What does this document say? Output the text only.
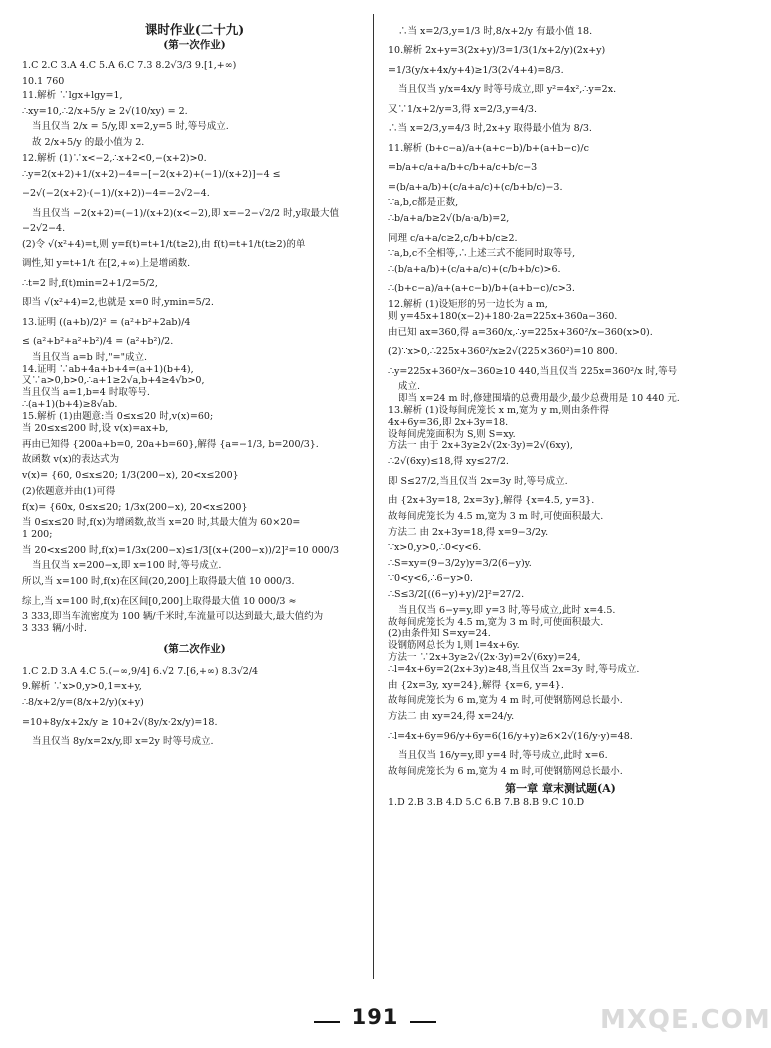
课时作业(二十九)
(第一次作业)
1.C 2.C 3.A 4.C 5.A 6.C 7.3 8.2√3/3 9.[1,+∞)
10.1 760
11.解析 ∵lgx+lgy=1,
∴xy=10,∴2/x+5/y ≥ 2√(10/xy) = 2.
当且仅当 2/x = 5/y,即 x=2,y=5 时,等号成立.
故 2/x+5/y 的最小值为 2.
12.解析 (1)∵x<−2,∴x+2<0,−(x+2)>0.
∴y=2(x+2)+1/(x+2)−4=−[−2(x+2)+(−1)/(x+2)]−4 ≤
−2√(−2(x+2)·(−1)/(x+2))−4=−2√2−4.
当且仅当 −2(x+2)=(−1)/(x+2)(x<−2),即 x=−2−√2/2 时,y取最大值
−2√2−4.
(2)令 √(x²+4)=t,则 y=f(t)=t+1/t(t≥2),由 f(t)=t+1/t(t≥2)的单
调性,知 y=t+1/t 在[2,+∞)上是增函数.
∴t=2 时,f(t)min=2+1/2=5/2,
即当 √(x²+4)=2,也就是 x=0 时,ymin=5/2.
13.证明 ((a+b)/2)² = (a²+b²+2ab)/4
≤ (a²+b²+a²+b²)/4 = (a²+b²)/2.
当且仅当 a=b 时,"="成立.
14.证明 ∵ab+4a+b+4=(a+1)(b+4),
又∵a>0,b>0,∴a+1≥2√a,b+4≥4√b>0,
当且仅当 a=1,b=4 时取等号.
∴(a+1)(b+4)≥8√ab.
15.解析 (1)由题意:当 0≤x≤20 时,v(x)=60;
当 20≤x≤200 时,设 v(x)=ax+b,
再由已知得 {200a+b=0, 20a+b=60},解得 {a=−1/3, b=200/3}.
故函数 v(x)的表达式为
v(x)= {60, 0≤x≤20; 1/3(200−x), 20<x≤200}
(2)依题意并由(1)可得
f(x)= {60x, 0≤x≤20; 1/3x(200−x), 20<x≤200}
当 0≤x≤20 时,f(x)为增函数,故当 x=20 时,其最大值为 60×20=
1 200;
当 20<x≤200 时,f(x)=1/3x(200−x)≤1/3[(x+(200−x))/2]²=10 000/3
当且仅当 x=200−x,即 x=100 时,等号成立.
所以,当 x=100 时,f(x)在区间(20,200]上取得最大值 10 000/3.
综上,当 x=100 时,f(x)在区间[0,200]上取得最大值 10 000/3 ≈
3 333,即当车流密度为 100 辆/千米时,车流量可以达到最大,最大值约为
3 333 辆/小时.
(第二次作业)
1.C 2.D 3.A 4.C 5.(−∞,9/4] 6.√2 7.[6,+∞) 8.3√2/4
9.解析 ∵x>0,y>0,1=x+y,
∴8/x+2/y=(8/x+2/y)(x+y)
=10+8y/x+2x/y ≥ 10+2√(8y/x·2x/y)=18.
当且仅当 8y/x=2x/y,即 x=2y 时等号成立.
∴当 x=2/3,y=1/3 时,8/x+2/y 有最小值 18.
10.解析 2x+y=3(2x+y)/3=1/3(1/x+2/y)(2x+y)
=1/3(y/x+4x/y+4)≥1/3(2√4+4)=8/3.
当且仅当 y/x=4x/y 时等号成立,即 y²=4x²,∴y=2x.
又∵1/x+2/y=3,得 x=2/3,y=4/3.
∴当 x=2/3,y=4/3 时,2x+y 取得最小值为 8/3.
11.解析 (b+c−a)/a+(a+c−b)/b+(a+b−c)/c
=b/a+c/a+a/b+c/b+a/c+b/c−3
=(b/a+a/b)+(c/a+a/c)+(c/b+b/c)−3.
∵a,b,c都是正数,
∴b/a+a/b≥2√(b/a·a/b)=2,
同理 c/a+a/c≥2,c/b+b/c≥2.
∵a,b,c不全相等,∴上述三式不能同时取等号,
∴(b/a+a/b)+(c/a+a/c)+(c/b+b/c)>6.
∴(b+c−a)/a+(a+c−b)/b+(a+b−c)/c>3.
12.解析 (1)设矩形的另一边长为 a m,
则 y=45x+180(x−2)+180·2a=225x+360a−360.
由已知 ax=360,得 a=360/x,∴y=225x+360²/x−360(x>0).
(2)∵x>0,∴225x+360²/x≥2√(225×360²)=10 800.
∴y=225x+360²/x−360≥10 440,当且仅当 225x=360²/x 时,等号
成立.
即当 x=24 m 时,修建围墙的总费用最少,最少总费用是 10 440 元.
13.解析 (1)设每间虎笼长 x m,宽为 y m,则由条件得
4x+6y=36,即 2x+3y=18.
设每间虎笼面积为 S,则 S=xy.
方法一 由于 2x+3y≥2√(2x·3y)=2√(6xy),
∴2√(6xy)≤18,得 xy≤27/2.
即 S≤27/2,当且仅当 2x=3y 时,等号成立.
由 {2x+3y=18, 2x=3y},解得 {x=4.5, y=3}.
故每间虎笼长为 4.5 m,宽为 3 m 时,可使面积最大.
方法二 由 2x+3y=18,得 x=9−3/2y.
∵x>0,y>0,∴0<y<6.
∴S=xy=(9−3/2y)y=3/2(6−y)y.
∵0<y<6,∴6−y>0.
∴S≤3/2[((6−y)+y)/2]²=27/2.
当且仅当 6−y=y,即 y=3 时,等号成立,此时 x=4.5.
故每间虎笼长为 4.5 m,宽为 3 m 时,可使面积最大.
(2)由条件知 S=xy=24.
设钢筋网总长为 l,则 l=4x+6y.
方法一 ∵2x+3y≥2√(2x·3y)=2√(6xy)=24,
∴l=4x+6y=2(2x+3y)≥48,当且仅当 2x=3y 时,等号成立.
由 {2x=3y, xy=24},解得 {x=6, y=4}.
故每间虎笼长为 6 m,宽为 4 m 时,可使钢筋网总长最小.
方法二 由 xy=24,得 x=24/y.
∴l=4x+6y=96/y+6y=6(16/y+y)≥6×2√(16/y·y)=48.
当且仅当 16/y=y,即 y=4 时,等号成立,此时 x=6.
故每间虎笼长为 6 m,宽为 4 m 时,可使钢筋网总长最小.
第一章 章末测试题(A)
1.D 2.B 3.B 4.D 5.C 6.B 7.B 8.B 9.C 10.D
191	MXQE.COM
